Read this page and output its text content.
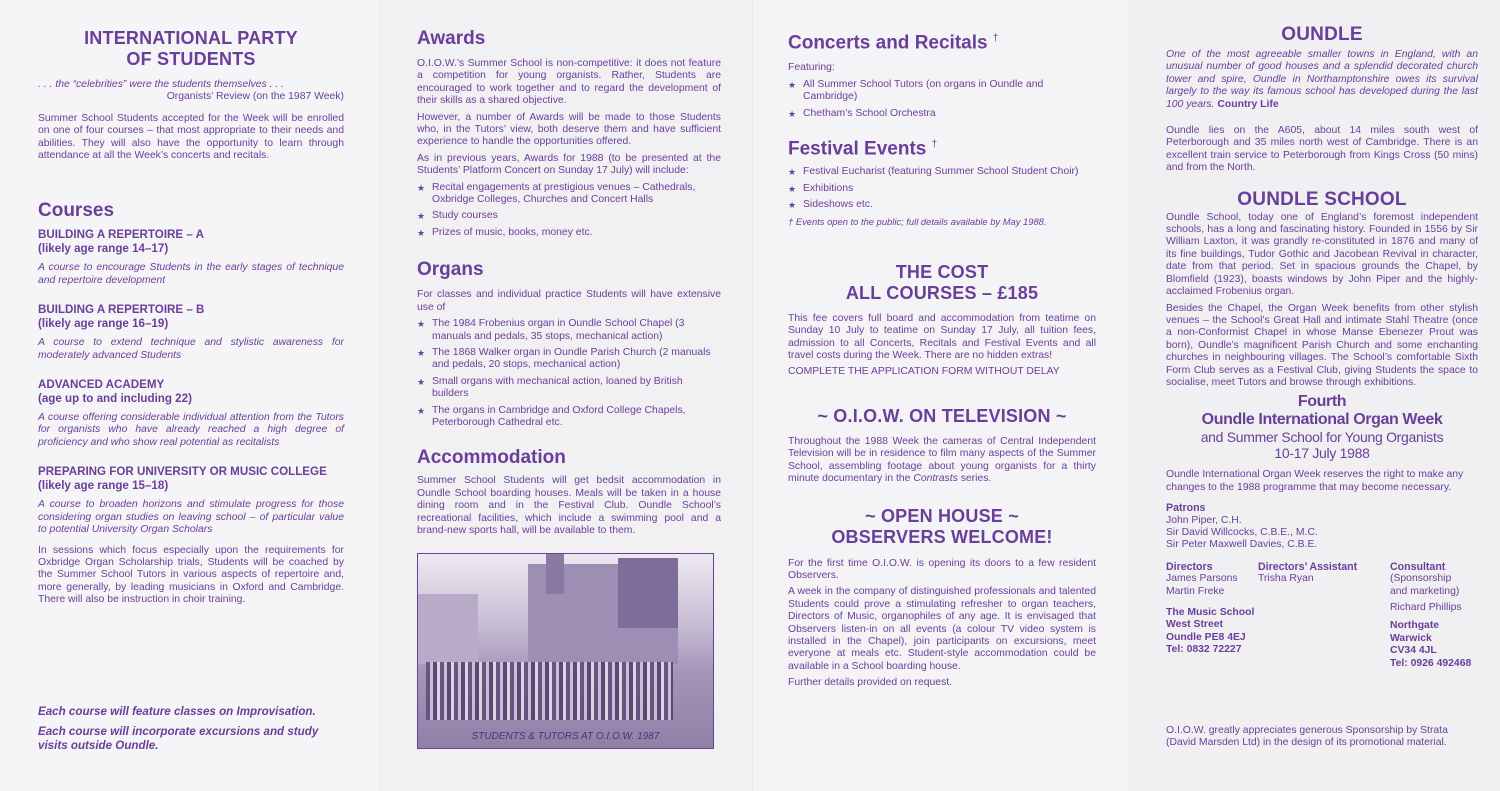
INTERNATIONAL PARTY
OF STUDENTS

. . . the “celebrities” were the students themselves . . .

Organists’ Review (on the 1987 Week)

Summer School Students accepted for the Week will be enrolled on one of four courses – that most appropriate to their needs and abilities. They will also have the opportunity to learn through attendance at all the Week’s concerts and recitals.

Courses
BUILDING A REPERTOIRE – A
(likely age range 14–17)

A course to encourage Students in the early stages of technique and repertoire development

BUILDING A REPERTOIRE – B
(likely age range 16–19)

A course to extend technique and stylistic awareness for moderately advanced Students

ADVANCED ACADEMY
(age up to and including 22)

A course offering considerable individual attention from the Tutors for organists who have already reached a high degree of proficiency and who show real potential as recitalists

PREPARING FOR UNIVERSITY OR MUSIC COLLEGE
(likely age range 15–18)

A course to broaden horizons and stimulate progress for those considering organ studies on leaving school – of particular value to potential University Organ Scholars

In sessions which focus especially upon the requirements for Oxbridge Organ Scholarship trials, Students will be coached by the Summer School Tutors in various aspects of repertoire and, more generally, by leading musicians in Oxford and Cambridge. There will also be instruction in choir training.

Each course will feature classes on Improvisation.
Each course will incorporate excursions and study visits outside Oundle.
Awards

O.I.O.W.’s Summer School is non-competitive: it does not feature a competition for young organists. Rather, Students are encouraged to work together and to regard the development of their skills as a shared objective.

However, a number of Awards will be made to those Students who, in the Tutors’ view, both deserve them and have sufficient experience to handle the opportunities offered.

As in previous years, Awards for 1988 (to be presented at the Students’ Platform Concert on Sunday 17 July) will include:

★ Recital engagements at prestigious venues – Cathedrals, Oxbridge Colleges, Churches and Concert Halls
★ Study courses
★ Prizes of music, books, money etc.
Organs

For classes and individual practice Students will have extensive use of

★ The 1984 Frobenius organ in Oundle School Chapel (3 manuals and pedals, 35 stops, mechanical action)
★ The 1868 Walker organ in Oundle Parish Church (2 manuals and pedals, 20 stops, mechanical action)
★ Small organs with mechanical action, loaned by British builders
★ The organs in Cambridge and Oxford College Chapels, Peterborough Cathedral etc.
Accommodation

Summer School Students will get bedsit accommodation in Oundle School boarding houses. Meals will be taken in a house dining room and in the Festival Club. Oundle School’s recreational facilities, which include a swimming pool and a brand-new sports hall, will be available to them.

STUDENTS & TUTORS AT O.I.O.W. 1987
Concerts and Recitals †

Featuring:

★ All Summer School Tutors (on organs in Oundle and Cambridge)
★ Chetham’s School Orchestra
Festival Events †
★ Festival Eucharist (featuring Summer School Student Choir)
★ Exhibitions
★ Sideshows etc.

† Events open to the public; full details available by May 1988.

THE COST
ALL COURSES – £185

This fee covers full board and accommodation from teatime on Sunday 10 July to teatime on Sunday 17 July, all tuition fees, admission to all Concerts, Recitals and Festival Events and all travel costs during the Week. There are no hidden extras!

COMPLETE THE APPLICATION FORM WITHOUT DELAY

~ O.I.O.W. ON TELEVISION ~

Throughout the 1988 Week the cameras of Central Independent Television will be in residence to film many aspects of the Summer School, assembling footage about young organists for a thirty minute documentary in the Contrasts series.

~ OPEN HOUSE ~
OBSERVERS WELCOME!

For the first time O.I.O.W. is opening its doors to a few resident Observers.

A week in the company of distinguished professionals and talented Students could prove a stimulating refresher to organ teachers, Directors of Music, organophiles of any age. It is envisaged that Observers listen-in on all events (a colour TV video system is installed in the Chapel), join participants on excursions, meet everyone at meals etc. Student-style accommodation could be available in a School boarding house.

Further details provided on request.

OUNDLE

One of the most agreeable smaller towns in England, with an unusual number of good houses and a splendid decorated church tower and spire, Oundle in Northamptonshire owes its survival largely to the way its famous school has developed during the last 100 years. Country Life

Oundle lies on the A605, about 14 miles south west of Peterborough and 35 miles north west of Cambridge. There is an excellent train service to Peterborough from Kings Cross (50 mins) and from the North.

OUNDLE SCHOOL

Oundle School, today one of England’s foremost independent schools, has a long and fascinating history. Founded in 1556 by Sir William Laxton, it was grandly re-constituted in 1876 and many of its fine buildings, Tudor Gothic and Jacobean Revival in character, date from that period. Set in spacious grounds the Chapel, by Blomfield (1923), boasts windows by John Piper and the highly-acclaimed Frobenius organ.

Besides the Chapel, the Organ Week benefits from other stylish venues – the School’s Great Hall and intimate Stahl Theatre (once a non-Conformist Chapel in whose Manse Ebenezer Prout was born), Oundle’s magnificent Parish Church and some enchanting churches in neighbouring villages. The School’s comfortable Sixth Form Club serves as a Festival Club, giving Students the space to socialise, meet Tutors and browse through exhibitions.

Fourth
Oundle International Organ Week
and Summer School for Young Organists
10-17 July 1988

Oundle International Organ Week reserves the right to make any changes to the 1988 programme that may become necessary.

Patrons
John Piper, C.H.
Sir David Willcocks, C.B.E., M.C.
Sir Peter Maxwell Davies, C.B.E.
Directors
James Parsons
Martin Freke
The Music School
West Street
Oundle PE8 4EJ
Tel: 0832 72227
Directors’ Assistant
Trisha Ryan
Consultant
(Sponsorship
and marketing)
Richard Phillips
Northgate
Warwick
CV34 4JL
Tel: 0926 492468

O.I.O.W. greatly appreciates generous Sponsorship by Strata (David Marsden Ltd) in the design of its promotional material.
